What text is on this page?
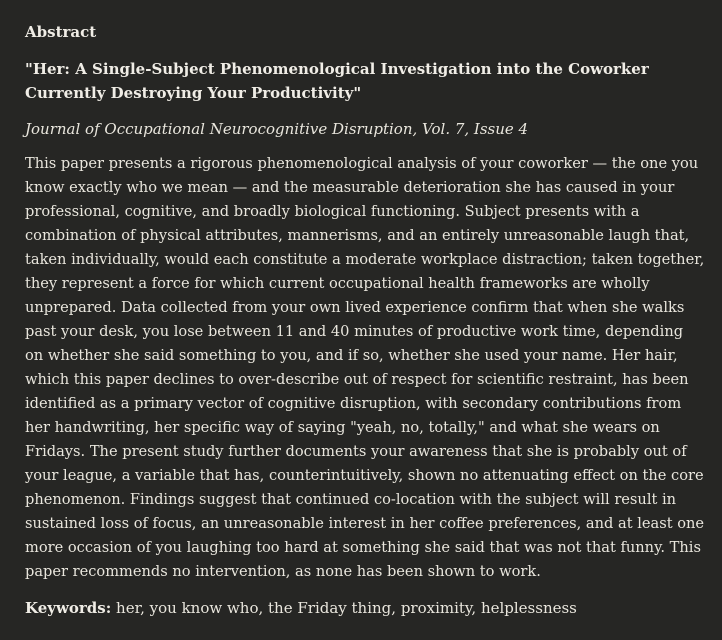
Abstract
"Her: A Single-Subject Phenomenological Investigation into the Coworker Currently Destroying Your Productivity"
Journal of Occupational Neurocognitive Disruption, Vol. 7, Issue 4
This paper presents a rigorous phenomenological analysis of your coworker — the one you know exactly who we mean — and the measurable deterioration she has caused in your professional, cognitive, and broadly biological functioning. Subject presents with a combination of physical attributes, mannerisms, and an entirely unreasonable laugh that, taken individually, would each constitute a moderate workplace distraction; taken together, they represent a force for which current occupational health frameworks are wholly unprepared. Data collected from your own lived experience confirm that when she walks past your desk, you lose between 11 and 40 minutes of productive work time, depending on whether she said something to you, and if so, whether she used your name. Her hair, which this paper declines to over-describe out of respect for scientific restraint, has been identified as a primary vector of cognitive disruption, with secondary contributions from her handwriting, her specific way of saying "yeah, no, totally," and what she wears on Fridays. The present study further documents your awareness that she is probably out of your league, a variable that has, counterintuitively, shown no attenuating effect on the core phenomenon. Findings suggest that continued co-location with the subject will result in sustained loss of focus, an unreasonable interest in her coffee preferences, and at least one more occasion of you laughing too hard at something she said that was not that funny. This paper recommends no intervention, as none has been shown to work.
Keywords: her, you know who, the Friday thing, proximity, helplessness
